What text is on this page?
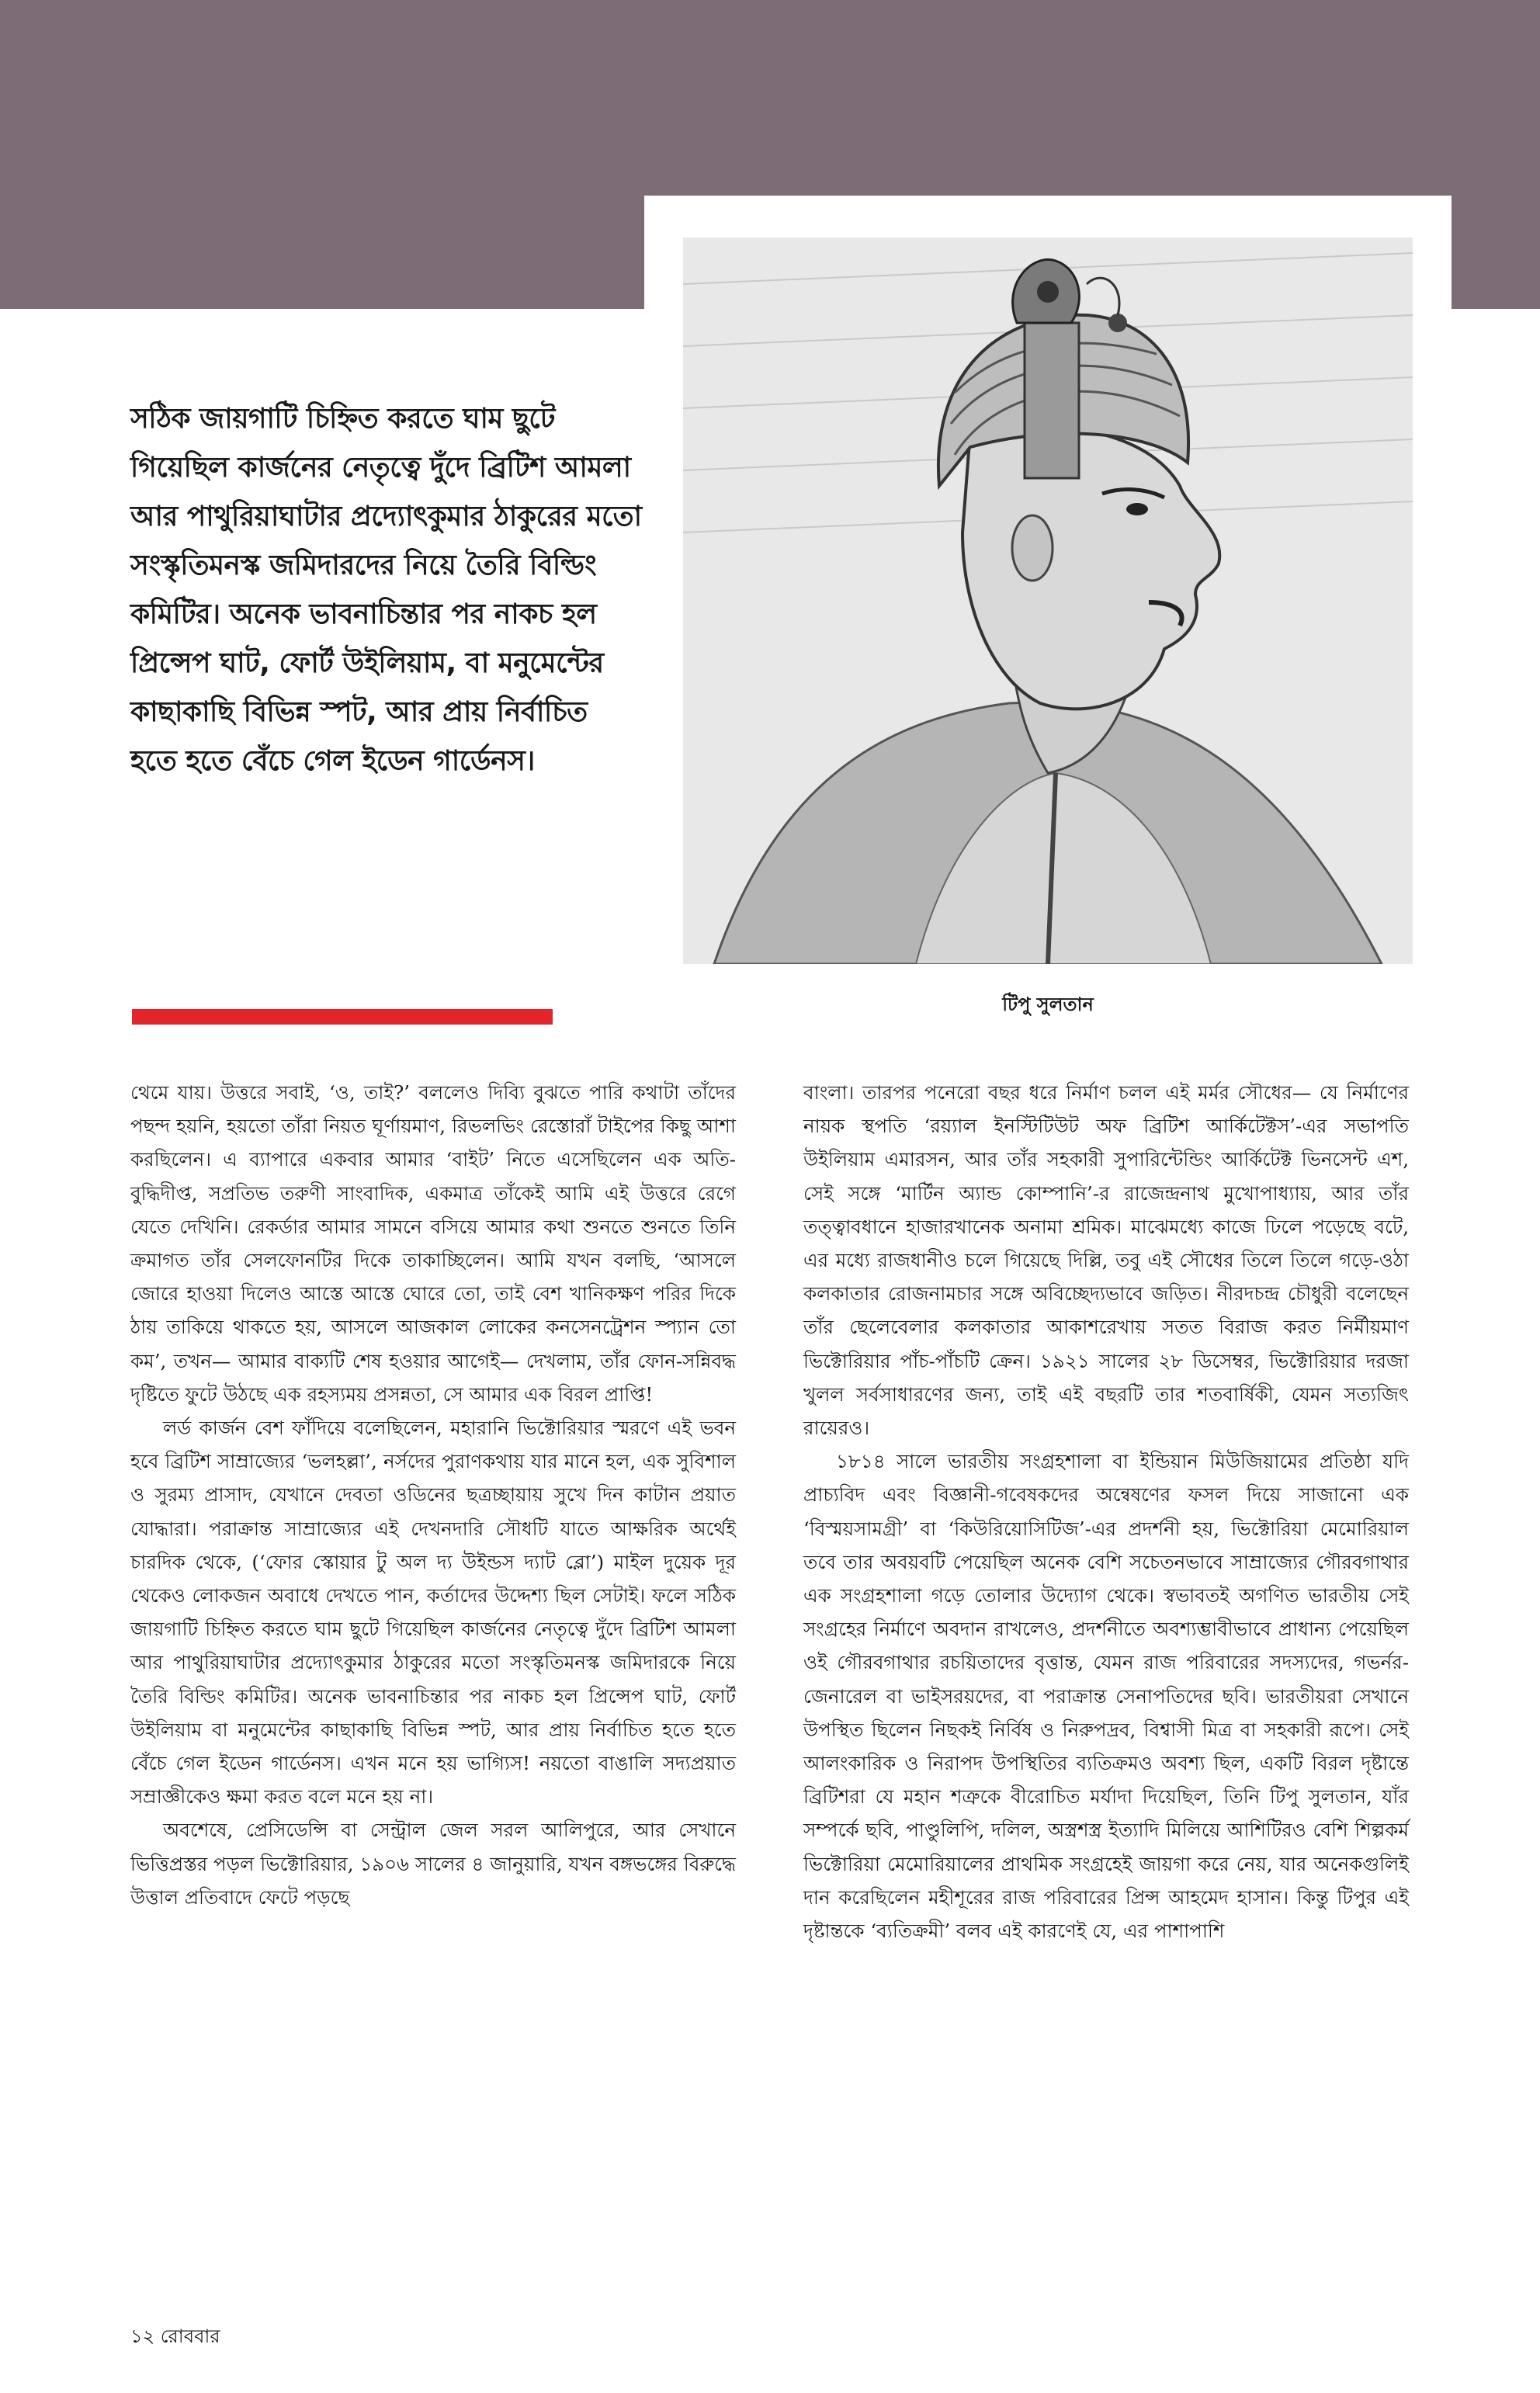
টিপু সুলতান
সঠিক জায়গাটি চিহ্নিত করতে ঘাম ছুটে গিয়েছিল কার্জনের নেতৃত্বে দুঁদে ব্রিটিশ আমলা আর পাথুরিয়াঘাটার প্রদ্যোৎকুমার ঠাকুরের মতো সংস্কৃতিমনস্ক জমিদারদের নিয়ে তৈরি বিল্ডিং কমিটির। অনেক ভাবনাচিন্তার পর নাকচ হল প্রিন্সেপ ঘাট, ফোর্ট উইলিয়াম, বা মনুমেন্টের কাছাকাছি বিভিন্ন স্পট, আর প্রায় নির্বাচিত হতে হতে বেঁচে গেল ইডেন গার্ডেনস।

থেমে যায়। উত্তরে সবাই, ‘ও, তাই?’ বললেও দিব্যি বুঝতে পারি কথাটা তাঁদের পছন্দ হয়নি, হয়তো তাঁরা নিয়ত ঘূর্ণায়মাণ, রিভলভিং রেস্তোরাঁ টাইপের কিছু আশা করছিলেন। এ ব্যাপারে একবার আমার ‘বাইট’ নিতে এসেছিলেন এক অতি-বুদ্ধিদীপ্ত, সপ্রতিভ তরুণী সাংবাদিক, একমাত্র তাঁকেই আমি এই উত্তরে রেগে যেতে দেখিনি। রেকর্ডার আমার সামনে বসিয়ে আমার কথা শুনতে শুনতে তিনি ক্রমাগত তাঁর সেলফোনটির দিকে তাকাচ্ছিলেন। আমি যখন বলছি, ‘আসলে জোরে হাওয়া দিলেও আস্তে আস্তে ঘোরে তো, তাই বেশ খানিকক্ষণ পরির দিকে ঠায় তাকিয়ে থাকতে হয়, আসলে আজকাল লোকের কনসেনট্রেশন স্প্যান তো কম’, তখন— আমার বাক্যটি শেষ হওয়ার আগেই— দেখলাম, তাঁর ফোন-সন্নিবদ্ধ দৃষ্টিতে ফুটে উঠছে এক রহস্যময় প্রসন্নতা, সে আমার এক বিরল প্রাপ্তি!

লর্ড কার্জন বেশ ফাঁদিয়ে বলেছিলেন, মহারানি ভিক্টোরিয়ার স্মরণে এই ভবন হবে ব্রিটিশ সাম্রাজ্যের ‘ভলহল্লা’, নর্সদের পুরাণকথায় যার মানে হল, এক সুবিশাল ও সুরম্য প্রাসাদ, যেখানে দেবতা ওডিনের ছত্রচ্ছায়ায় সুখে দিন কাটান প্রয়াত যোদ্ধারা। পরাক্রান্ত সাম্রাজ্যের এই দেখনদারি সৌধটি যাতে আক্ষরিক অর্থেই চারদিক থেকে, (‘ফোর স্কোয়ার টু অল দ্য উইন্ডস দ্যাট ব্লো’) মাইল দুয়েক দূর থেকেও লোকজন অবাধে দেখতে পান, কর্তাদের উদ্দেশ্য ছিল সেটাই। ফলে সঠিক জায়গাটি চিহ্নিত করতে ঘাম ছুটে গিয়েছিল কার্জনের নেতৃত্বে দুঁদে ব্রিটিশ আমলা আর পাথুরিয়াঘাটার প্রদ্যোৎকুমার ঠাকুরের মতো সংস্কৃতিমনস্ক জমিদারকে নিয়ে তৈরি বিল্ডিং কমিটির। অনেক ভাবনাচিন্তার পর নাকচ হল প্রিন্সেপ ঘাট, ফোর্ট উইলিয়াম বা মনুমেন্টের কাছাকাছি বিভিন্ন স্পট, আর প্রায় নির্বাচিত হতে হতে বেঁচে গেল ইডেন গার্ডেনস। এখন মনে হয় ভাগ্যিস! নয়তো বাঙালি সদ্যপ্রয়াত সম্রাজ্ঞীকেও ক্ষমা করত বলে মনে হয় না।

অবশেষে, প্রেসিডেন্সি বা সেন্ট্রাল জেল সরল আলিপুরে, আর সেখানে ভিত্তিপ্রস্তর পড়ল ভিক্টোরিয়ার, ১৯০৬ সালের ৪ জানুয়ারি, যখন বঙ্গভঙ্গের বিরুদ্ধে উত্তাল প্রতিবাদে ফেটে পড়ছে

বাংলা। তারপর পনেরো বছর ধরে নির্মাণ চলল এই মর্মর সৌধের— যে নির্মাণের নায়ক স্থপতি ‘রয়্যাল ইনস্টিটিউট অফ ব্রিটিশ আর্কিটেক্টস’-এর সভাপতি উইলিয়াম এমারসন, আর তাঁর সহকারী সুপারিন্টেন্ডিং আর্কিটেক্ট ভিনসেন্ট এশ, সেই সঙ্গে ‘মার্টিন অ্যান্ড কোম্পানি’-র রাজেন্দ্রনাথ মুখোপাধ্যায়, আর তাঁর তত্ত্বাবধানে হাজারখানেক অনামা শ্রমিক। মাঝেমধ্যে কাজে ঢিলে পড়েছে বটে, এর মধ্যে রাজধানীও চলে গিয়েছে দিল্লি, তবু এই সৌধের তিলে তিলে গড়ে-ওঠা কলকাতার রোজনামচার সঙ্গে অবিচ্ছেদ্যভাবে জড়িত। নীরদচন্দ্র চৌধুরী বলেছেন তাঁর ছেলেবেলার কলকাতার আকাশরেখায় সতত বিরাজ করত নির্মীয়মাণ ভিক্টোরিয়ার পাঁচ-পাঁচটি ক্রেন। ১৯২১ সালের ২৮ ডিসেম্বর, ভিক্টোরিয়ার দরজা খুলল সর্বসাধারণের জন্য, তাই এই বছরটি তার শতবার্ষিকী, যেমন সত্যজিৎ রায়েরও।

১৮১৪ সালে ভারতীয় সংগ্রহশালা বা ইন্ডিয়ান মিউজিয়ামের প্রতিষ্ঠা যদি প্রাচ্যবিদ এবং বিজ্ঞানী-গবেষকদের অন্বেষণের ফসল দিয়ে সাজানো এক ‘বিস্ময়সামগ্রী’ বা ‘কিউরিয়োসিটিজ’-এর প্রদর্শনী হয়, ভিক্টোরিয়া মেমোরিয়াল তবে তার অবয়বটি পেয়েছিল অনেক বেশি সচেতনভাবে সাম্রাজ্যের গৌরবগাথার এক সংগ্রহশালা গড়ে তোলার উদ্যোগ থেকে। স্বভাবতই অগণিত ভারতীয় সেই সংগ্রহের নির্মাণে অবদান রাখলেও, প্রদর্শনীতে অবশ্যম্ভাবীভাবে প্রাধান্য পেয়েছিল ওই গৌরবগাথার রচয়িতাদের বৃত্তান্ত, যেমন রাজ পরিবারের সদস্যদের, গভর্নর-জেনারেল বা ভাইসরয়দের, বা পরাক্রান্ত সেনাপতিদের ছবি। ভারতীয়রা সেখানে উপস্থিত ছিলেন নিছকই নির্বিষ ও নিরুপদ্রব, বিশ্বাসী মিত্র বা সহকারী রূপে। সেই আলংকারিক ও নিরাপদ উপস্থিতির ব্যতিক্রমও অবশ্য ছিল, একটি বিরল দৃষ্টান্তে ব্রিটিশরা যে মহান শত্রুকে বীরোচিত মর্যাদা দিয়েছিল, তিনি টিপু সুলতান, যাঁর সম্পর্কে ছবি, পাণ্ডুলিপি, দলিল, অস্ত্রশস্ত্র ইত্যাদি মিলিয়ে আশিটিরও বেশি শিল্পকর্ম ভিক্টোরিয়া মেমোরিয়ালের প্রাথমিক সংগ্রহেই জায়গা করে নেয়, যার অনেকগুলিই দান করেছিলেন মহীশূরের রাজ পরিবারের প্রিন্স আহমেদ হাসান। কিন্তু টিপুর এই দৃষ্টান্তকে ‘ব্যতিক্রমী’ বলব এই কারণেই যে, এর পাশাপাশি

১২ রোববার
